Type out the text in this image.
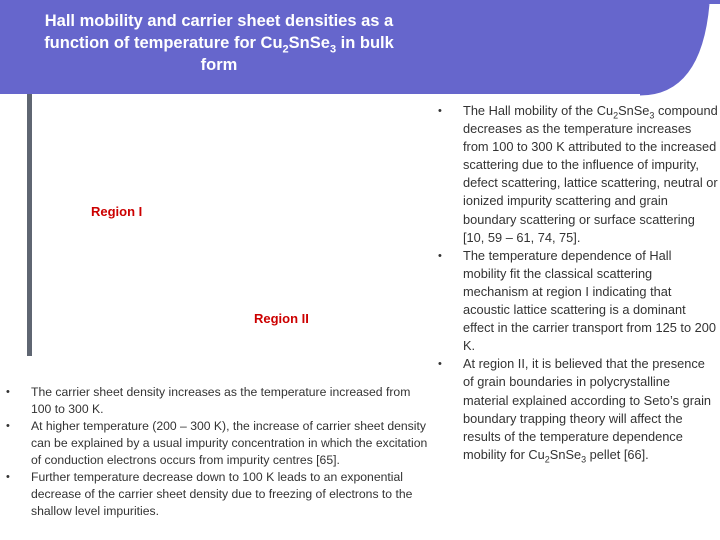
Hall mobility and carrier sheet densities as a
function of temperature for $Cu_2SnSe_3$ in bulk
form
Region I
Region II
• The carrier sheet density increases as the temperature increased from 100 to 300 K.
• At higher temperature (200 – 300 K), the increase of carrier sheet density can be explained by a usual impurity concentration in which the excitation of conduction electrons occurs from impurity centres [65].
• Further temperature decrease down to 100 K leads to an exponential decrease of the carrier sheet density due to freezing of electrons to the shallow level impurities.
• The Hall mobility of the $Cu_2SnSe_3$ compound decreases as the temperature increases from 100 to 300 K attributed to the increased scattering due to the influence of impurity, defect scattering, lattice scattering, neutral or ionized impurity scattering and grain boundary scattering or surface scattering [10, 59 – 61, 74, 75].
• The temperature dependence of Hall mobility fit the classical scattering mechanism at region I indicating that acoustic lattice scattering is a dominant effect in the carrier transport from 125 to 200 K.
• At region II, it is believed that the presence of grain boundaries in polycrystalline material explained according to Seto’s grain boundary trapping theory will affect the results of the temperature dependence mobility for $Cu_2SnSe_3$ pellet [66].
